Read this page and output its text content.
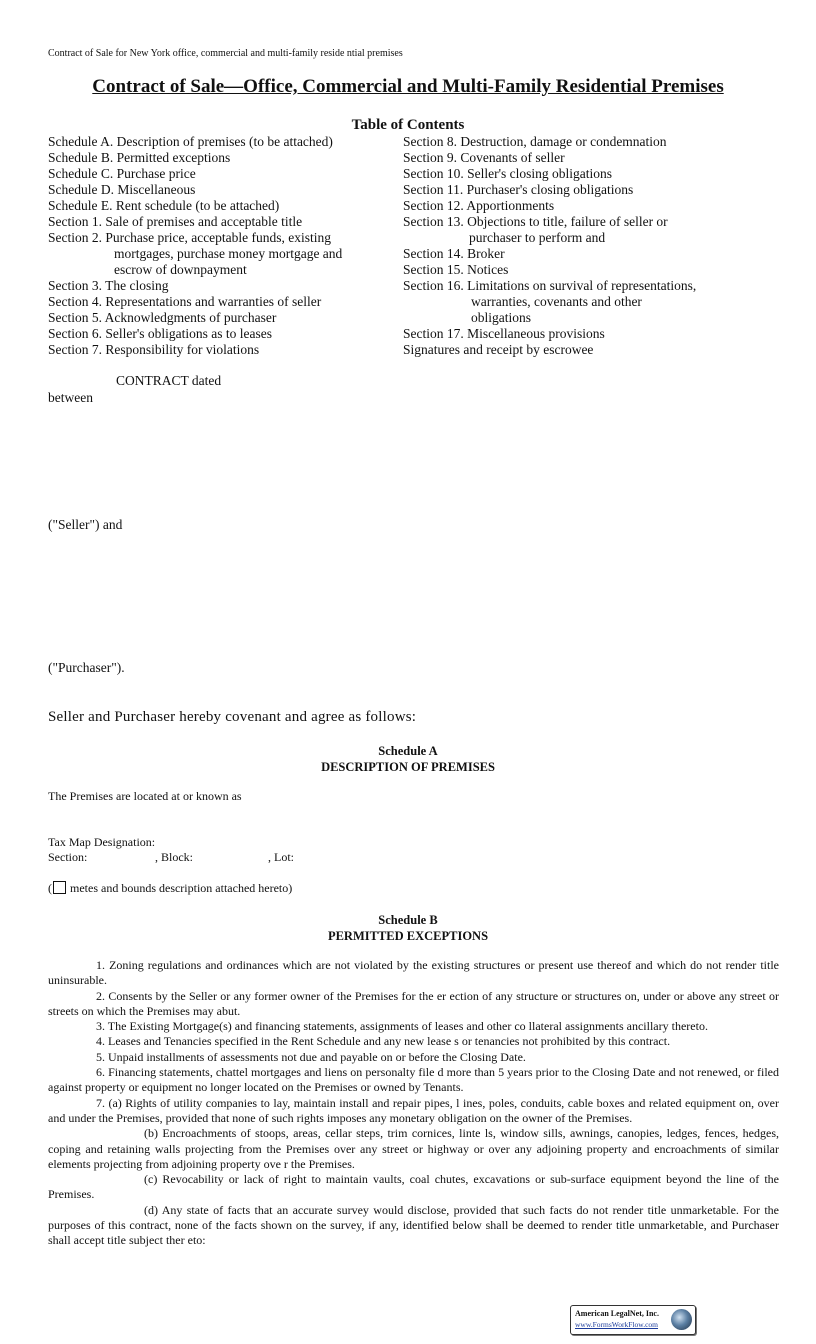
Contract of Sale for New York office, commercial and multi-family reside ntial premises
Contract of Sale—Office, Commercial and Multi-Family Residential Premises
Table of Contents
Schedule A. Description of premises (to be attached)
Schedule B. Permitted exceptions
Schedule C. Purchase price
Schedule D. Miscellaneous
Schedule E. Rent schedule (to be attached)
Section 1. Sale of premises and acceptable title
Section 2. Purchase price, acceptable funds, existing
mortgages, purchase money mortgage and
escrow of downpayment
Section 3. The closing
Section 4. Representations and warranties of seller
Section 5. Acknowledgments of purchaser
Section 6. Seller's obligations as to leases
Section 7. Responsibility for violations
Section 8. Destruction, damage or condemnation
Section 9. Covenants of seller
Section 10. Seller's closing obligations
Section 11. Purchaser's closing obligations
Section 12. Apportionments
Section 13. Objections to title, failure of seller or
purchaser to perform and
Section 14. Broker
Section 15. Notices
Section 16. Limitations on survival of representations,
warranties, covenants and other
obligations
Section 17. Miscellaneous provisions
Signatures and receipt by escrowee
CONTRACT dated
between
("Seller") and
("Purchaser").
Seller and Purchaser hereby covenant and agree as follows:
Schedule A
DESCRIPTION OF PREMISES
The Premises are located at or known as
Tax Map Designation:
Section:	, Block:	, Lot:
( metes and bounds description attached hereto)
Schedule B
PERMITTED EXCEPTIONS

1. Zoning regulations and ordinances which are not violated by the existing structures or present use thereof and which do not render title uninsurable.

2. Consents by the Seller or any former owner of the Premises for the er ection of any structure or structures on, under or above any street or streets on which the Premises may abut.

3. The Existing Mortgage(s) and financing statements, assignments of leases and other co llateral assignments ancillary thereto.

4. Leases and Tenancies specified in the Rent Schedule and any new lease s or tenancies not prohibited by this contract.

5. Unpaid installments of assessments not due and payable on or before the Closing Date.

6. Financing statements, chattel mortgages and liens on personalty file d more than 5 years prior to the Closing Date and not renewed, or filed against property or equipment no longer located on the Premises or owned by Tenants.

7. (a) Rights of utility companies to lay, maintain install and repair pipes, l ines, poles, conduits, cable boxes and related equipment on, over and under the Premises, provided that none of such rights imposes any monetary obligation on the owner of the Premises.

(b) Encroachments of stoops, areas, cellar steps, trim cornices, linte ls, window sills, awnings, canopies, ledges, fences, hedges, coping and retaining walls projecting from the Premises over any street or highway or over any adjoining property and encroachments of similar elements projecting from adjoining property ove r the Premises.

(c) Revocability or lack of right to maintain vaults, coal chutes, excavations or sub-surface equipment beyond the line of the Premises.

(d) Any state of facts that an accurate survey would disclose, provided that such facts do not render title unmarketable. For the purposes of this contract, none of the facts shown on the survey, if any, identified below shall be deemed to render title unmarketable, and Purchaser shall accept title subject ther eto:

American LegalNet, Inc.
www.FormsWorkFlow.com
